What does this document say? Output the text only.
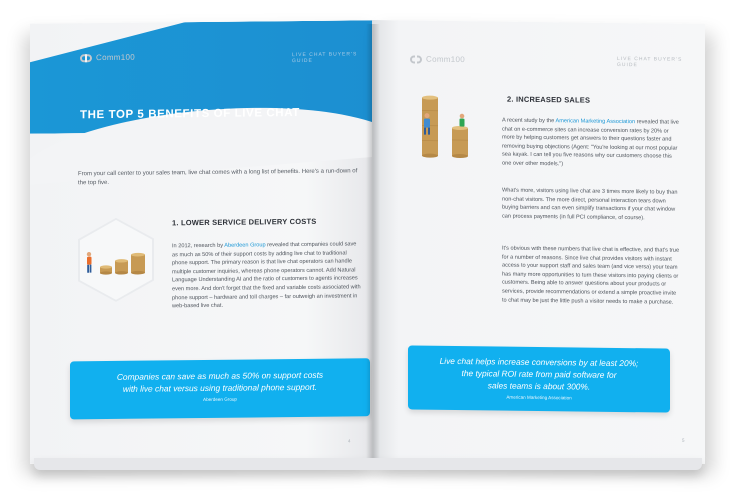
Comm100	LIVE CHAT BUYER'S GUIDE
THE TOP 5 BENEFITS OF LIVE CHAT

From your call center to your sales team, live chat comes with a long list of benefits. Here's a run-down of the top five.

1. LOWER SERVICE DELIVERY COSTS

In 2012, research by Aberdeen Group revealed that companies could save as much as 50% of their support costs by adding live chat to traditional phone support. The primary reason is that live chat operators can handle multiple customer inquiries, whereas phone operators cannot. Add Natural Language Understanding AI and the ratio of customers to agents increases even more. And don't forget that the fixed and variable costs associated with phone support – hardware and toll charges – far outweigh an investment in web-based live chat.

Companies can save as much as 50% on support costs
with live chat versus using traditional phone support.
Aberdeen Group
4
Comm100	LIVE CHAT BUYER'S GUIDE
2. INCREASED SALES

A recent study by the American Marketing Association revealed that live chat on e-commerce sites can increase conversion rates by 20% or more by helping customers get answers to their questions faster and removing buying objections (Agent: "You're looking at our most popular sea kayak. I can tell you five reasons why our customers choose this one over other models.")

What's more, visitors using live chat are 3 times more likely to buy than non-chat visitors. The more direct, personal interaction tears down buying barriers and can even simplify transactions if your chat window can process payments (in full PCI compliance, of course).

It's obvious with these numbers that live chat is effective, and that's true for a number of reasons. Since live chat provides visitors with instant access to your support staff and sales team (and vice versa) your team has many more opportunities to turn these visitors into paying clients or customers. Being able to answer questions about your products or services, provide recommendations or extend a simple proactive invite to chat may be just the little push a visitor needs to make a purchase.

Live chat helps increase conversions by at least 20%;
the typical ROI rate from paid software for
sales teams is about 300%.
American Marketing Association
5
